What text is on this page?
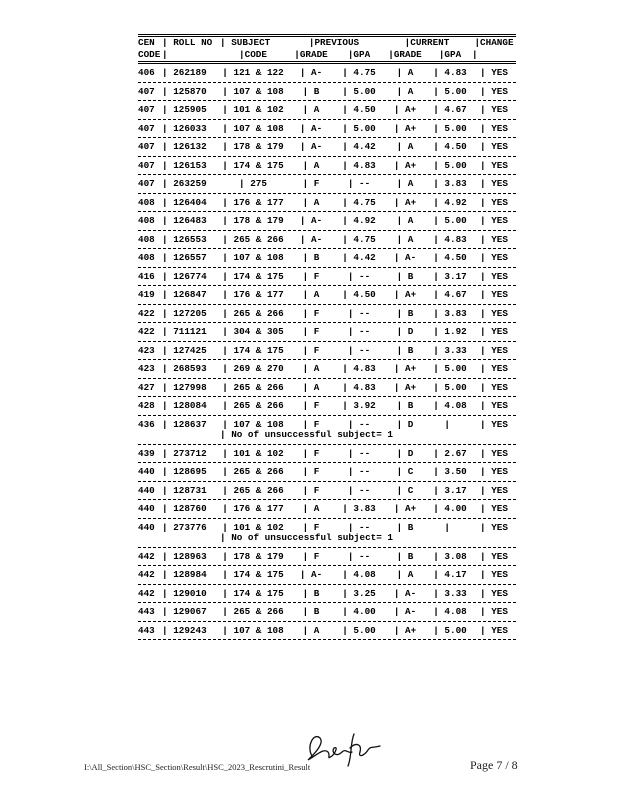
CEN	| ROLL NO	| SUBJECT	| PREVIOUS	| CURRENT	| CHANGE
CODE |	| CODE	| GRADE	| GPA	| GRADE	| GPA
|
406	| 262189	| 121 & 122	| A-	| 4.75	| A	| 4.83	| YES
407	| 125870	| 107 & 108	| B	| 5.00	| A	| 5.00	| YES
407	| 125905	| 101 & 102	| A	| 4.50	| A+	| 4.67	| YES
407	| 126033	| 107 & 108	| A-	| 5.00	| A+	| 5.00	| YES
407	| 126132	| 178 & 179	| A-	| 4.42	| A	| 4.50	| YES
407	| 126153	| 174 & 175	| A	| 4.83	| A+	| 5.00	| YES
407	| 263259	| 275	| F	| --	| A	| 3.83	| YES
408	| 126404	| 176 & 177	| A	| 4.75	| A+	| 4.92	| YES
408	| 126483	| 178 & 179	| A-	| 4.92	| A	| 5.00	| YES
408	| 126553	| 265 & 266	| A-	| 4.75	| A	| 4.83	| YES
408	| 126557	| 107 & 108	| B	| 4.42	| A-	| 4.50	| YES
416	| 126774	| 174 & 175	| F	| --	| B	| 3.17	| YES
419	| 126847	| 176 & 177	| A	| 4.50	| A+	| 4.67	| YES
422	| 127205	| 265 & 266	| F	| --	| B	| 3.83	| YES
422	| 711121	| 304 & 305	| F	| --	| D	| 1.92	| YES
423	| 127425	| 174 & 175	| F	| --	| B	| 3.33	| YES
423	| 268593	| 269 & 270	| A	| 4.83	| A+	| 5.00	| YES
427	| 127998	| 265 & 266	| A	| 4.83	| A+	| 5.00	| YES
428	| 128084	| 265 & 266	| F	| 3.92	| B	| 4.08	| YES
436	| 128637	| 107 & 108	| F	| --	| D |	| YES
| No of unsuccessful subject= 1
439	| 273712	| 101 & 102	| F	| --	| D	| 2.67	| YES
440	| 128695	| 265 & 266	| F	| --	| C	| 3.50	| YES
440	| 128731	| 265 & 266	| F	| --	| C	| 3.17	| YES
440	| 128760	| 176 & 177	| A	| 3.83	| A+	| 4.00	| YES
440	| 273776	| 101 & 102	| F	| --	| B |	| YES
| No of unsuccessful subject= 1
442	| 128963	| 178 & 179	| F	| --	| B	| 3.08	| YES
442	| 128984	| 174 & 175	| A-	| 4.08	| A	| 4.17	| YES
442	| 129010	| 174 & 175	| B	| 3.25	| A-	| 3.33	| YES
443	| 129067	| 265 & 266	| B	| 4.00	| A-	| 4.08	| YES
443	| 129243	| 107 & 108	| A	| 5.00	| A+	| 5.00	| YES
I:\All_Section\HSC_Section\Result\HSC_2023_Rescrutini_Result	Page 7 / 8
